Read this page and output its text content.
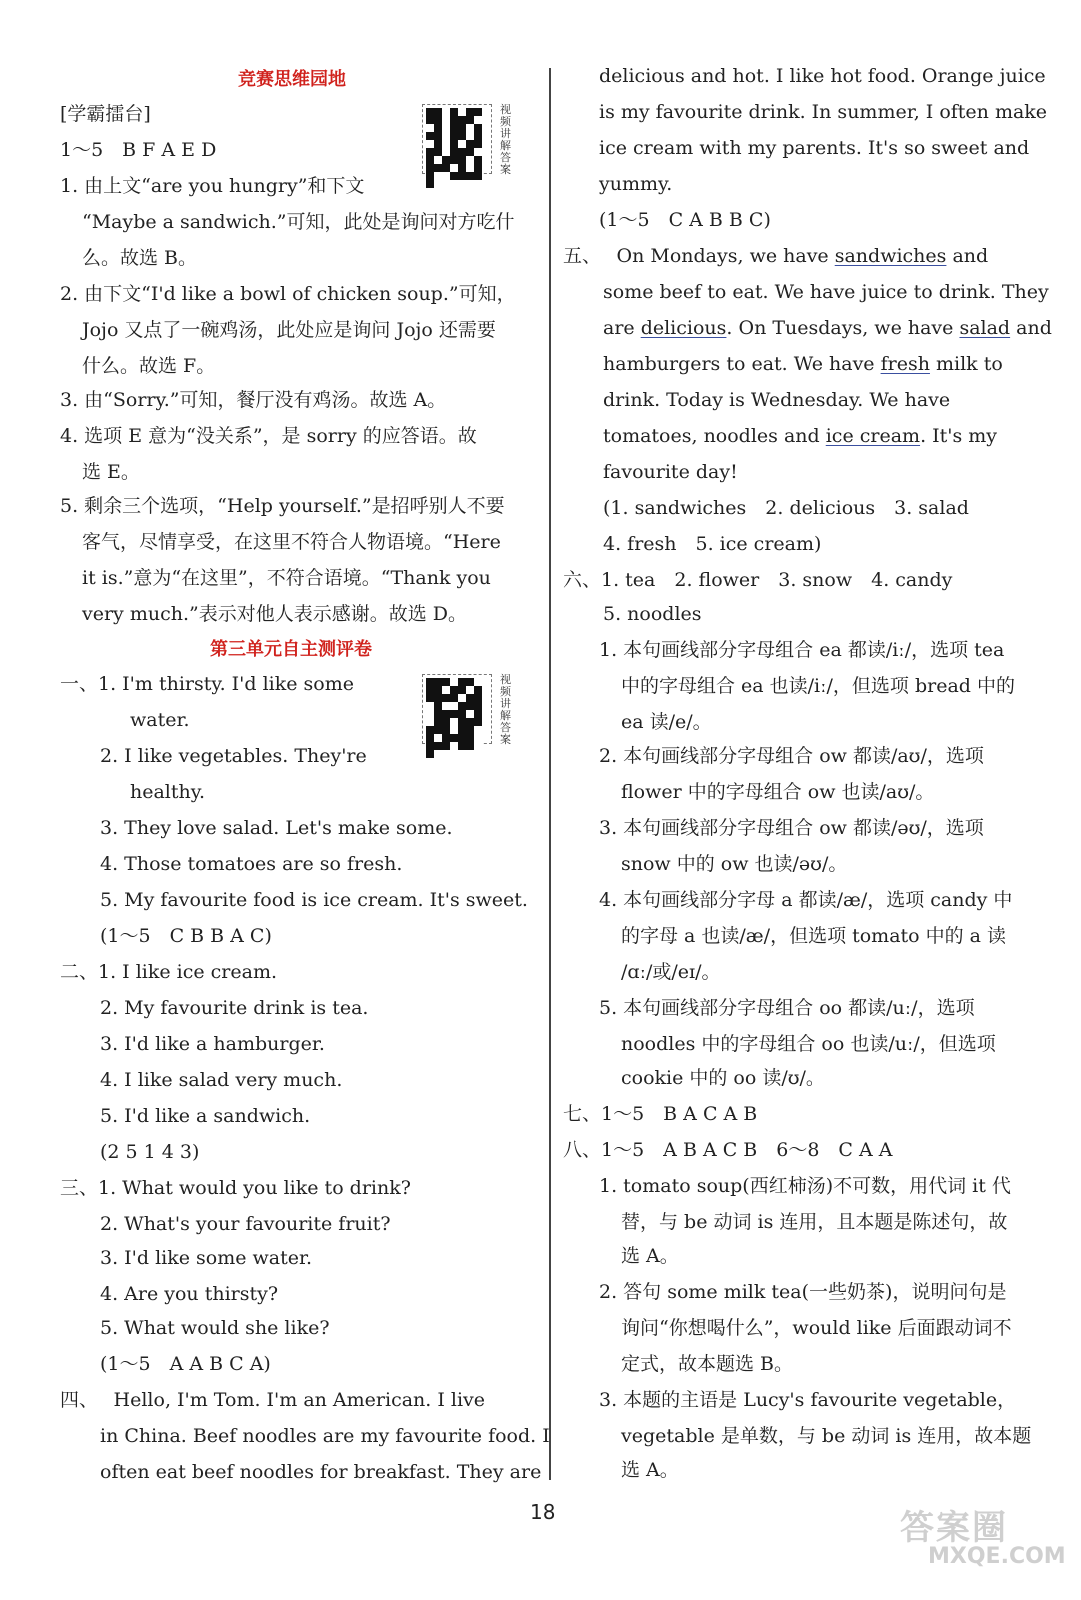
竞赛思维园地
[学霸擂台]
1～5　B F A E D
1. 由上文“are you hungry”和下文
“Maybe a sandwich.”可知，此处是询问对方吃什
么。故选 B。
2. 由下文“I'd like a bowl of chicken soup.”可知，
Jojo 又点了一碗鸡汤，此处应是询问 Jojo 还需要
什么。故选 F。
3. 由“Sorry.”可知，餐厅没有鸡汤。故选 A。
4. 选项 E 意为“没关系”，是 sorry 的应答语。故
选 E。
5. 剩余三个选项，“Help yourself.”是招呼别人不要
客气，尽情享受，在这里不符合人物语境。“Here
it is.”意为“在这里”，不符合语境。“Thank you
very much.”表示对他人表示感谢。故选 D。
第三单元自主测评卷
一、1. I'm thirsty. I'd like some
water.
2. I like vegetables. They're
healthy.
3. They love salad. Let's make some.
4. Those tomatoes are so fresh.
5. My favourite food is ice cream. It's sweet.
(1～5　C B B A C)
二、1. I like ice cream.
2. My favourite drink is tea.
3. I'd like a hamburger.
4. I like salad very much.
5. I'd like a sandwich.
(2 5 1 4 3)
三、1. What would you like to drink?
2. What's your favourite fruit?
3. I'd like some water.
4. Are you thirsty?
5. What would she like?
(1～5　A A B C A)
四、　 Hello, I'm Tom. I'm an American. I live
in China. Beef noodles are my favourite food. I
often eat beef noodles for breakfast. They are
视频讲解答案
视频讲解答案
delicious and hot. I like hot food. Orange juice
is my favourite drink. In summer, I often make
ice cream with my parents. It's so sweet and
yummy.
(1～5　C A B B C)
五、　 On Mondays, we have sandwiches and
some beef to eat. We have juice to drink. They
are delicious. On Tuesdays, we have salad and
hamburgers to eat. We have fresh milk to
drink. Today is Wednesday. We have
tomatoes, noodles and ice cream. It's my
favourite day!
(1. sandwiches　2. delicious　3. salad
4. fresh　5. ice cream)
六、1. tea　2. flower　3. snow　4. candy
5. noodles
1. 本句画线部分字母组合 ea 都读/iː/，选项 tea
中的字母组合 ea 也读/iː/，但选项 bread 中的
ea 读/e/。
2. 本句画线部分字母组合 ow 都读/aʊ/，选项
flower 中的字母组合 ow 也读/aʊ/。
3. 本句画线部分字母组合 ow 都读/əʊ/，选项
snow 中的 ow 也读/əʊ/。
4. 本句画线部分字母 a 都读/æ/，选项 candy 中
的字母 a 也读/æ/，但选项 tomato 中的 a 读
/ɑː/或/eɪ/。
5. 本句画线部分字母组合 oo 都读/uː/，选项
noodles 中的字母组合 oo 也读/uː/，但选项
cookie 中的 oo 读/ʊ/。
七、1～5　B A C A B
八、1～5　A B A C B　6～8　C A A
1. tomato soup(西红柿汤)不可数，用代词 it 代
替，与 be 动词 is 连用，且本题是陈述句，故
选 A。
2. 答句 some milk tea(一些奶茶)，说明问句是
询问“你想喝什么”，would like 后面跟动词不
定式，故本题选 B。
3. 本题的主语是 Lucy's favourite vegetable，
vegetable 是单数，与 be 动词 is 连用，故本题
选 A。
18	答案圈
MXQE.COM
